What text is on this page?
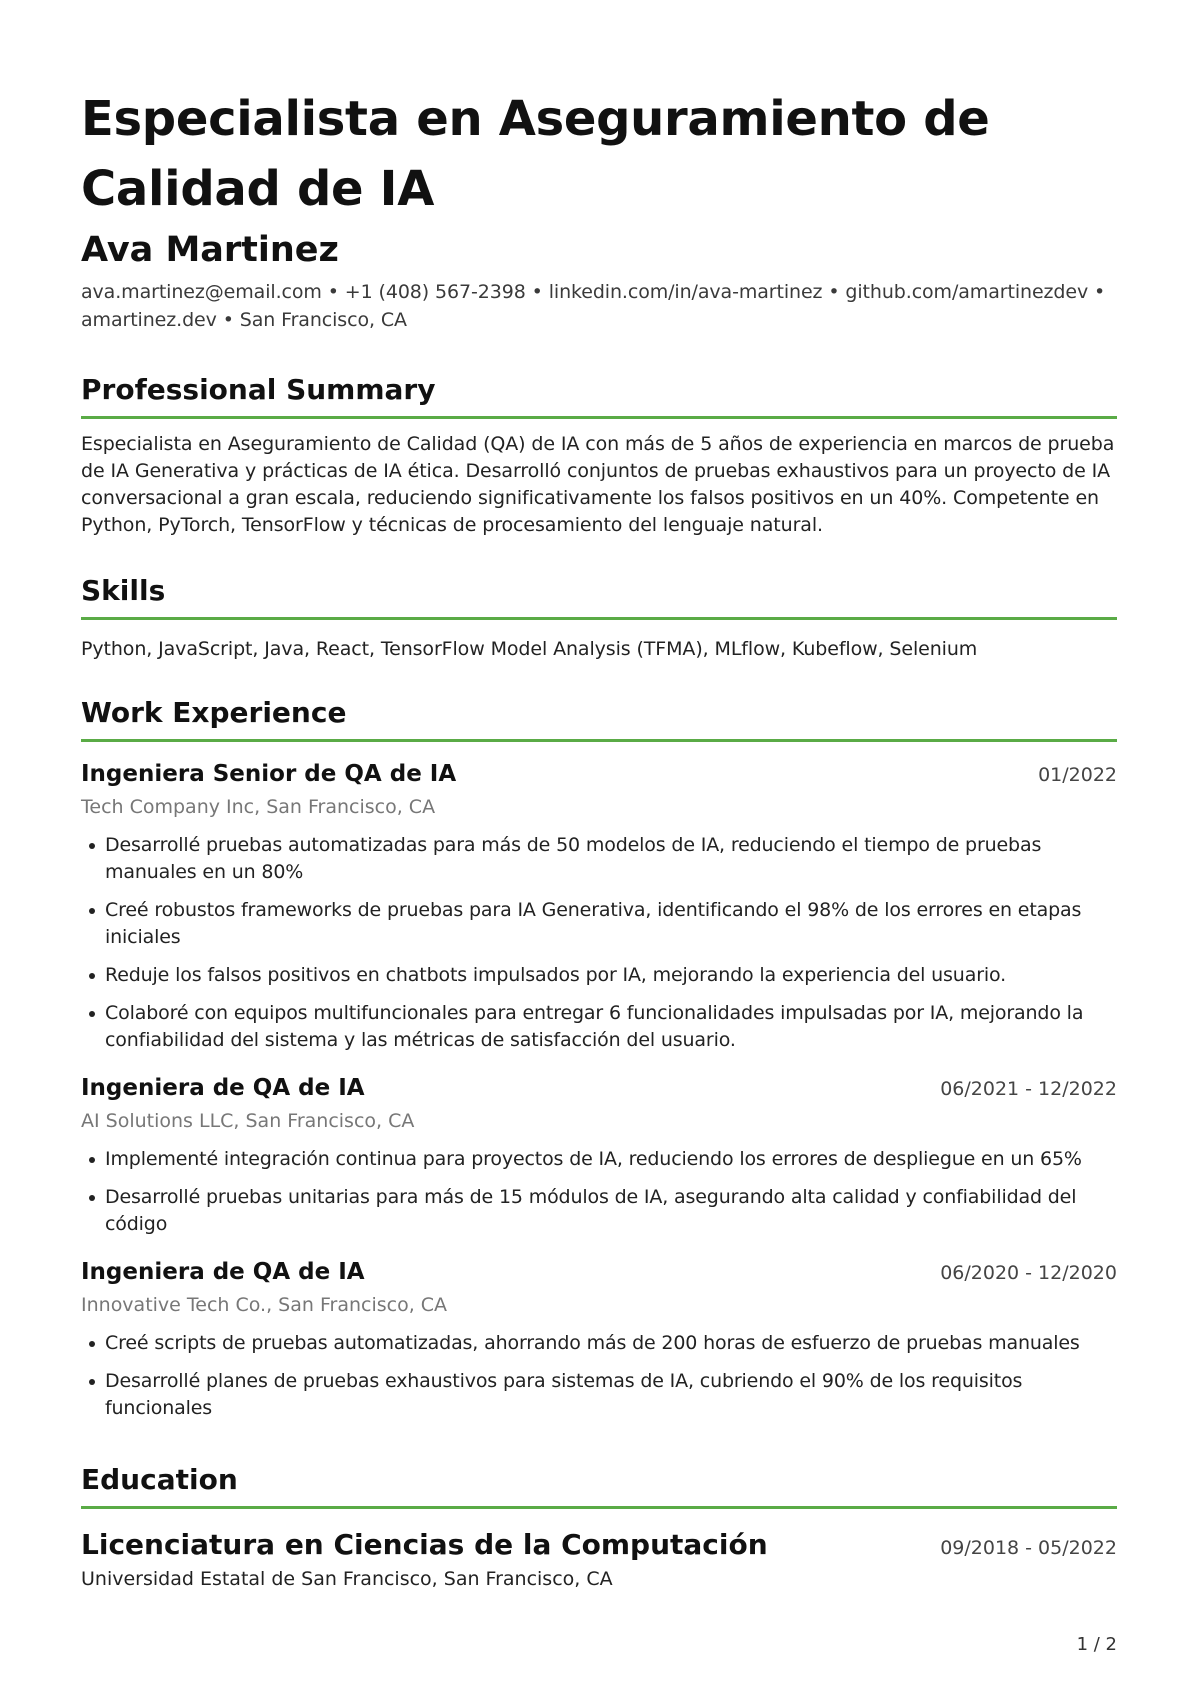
Especialista en Aseguramiento de Calidad de IA
Ava Martinez
ava.martinez@email.com • +1 (408) 567-2398 • linkedin.com/in/ava-martinez • github.com/amartinezdev • amartinez.dev • San Francisco, CA
Professional Summary
Especialista en Aseguramiento de Calidad (QA) de IA con más de 5 años de experiencia en marcos de prueba de IA Generativa y prácticas de IA ética. Desarrolló conjuntos de pruebas exhaustivos para un proyecto de IA conversacional a gran escala, reduciendo significativamente los falsos positivos en un 40%. Competente en Python, PyTorch, TensorFlow y técnicas de procesamiento del lenguaje natural.
Skills
Python, JavaScript, Java, React, TensorFlow Model Analysis (TFMA), MLflow, Kubeflow, Selenium
Work Experience
Ingeniera Senior de QA de IA	01/2022
Tech Company Inc, San Francisco, CA
Desarrollé pruebas automatizadas para más de 50 modelos de IA, reduciendo el tiempo de pruebas manuales en un 80%
Creé robustos frameworks de pruebas para IA Generativa, identificando el 98% de los errores en etapas iniciales
Reduje los falsos positivos en chatbots impulsados por IA, mejorando la experiencia del usuario.
Colaboré con equipos multifuncionales para entregar 6 funcionalidades impulsadas por IA, mejorando la confiabilidad del sistema y las métricas de satisfacción del usuario.
Ingeniera de QA de IA	06/2021 - 12/2022
AI Solutions LLC, San Francisco, CA
Implementé integración continua para proyectos de IA, reduciendo los errores de despliegue en un 65%
Desarrollé pruebas unitarias para más de 15 módulos de IA, asegurando alta calidad y confiabilidad del código
Ingeniera de QA de IA	06/2020 - 12/2020
Innovative Tech Co., San Francisco, CA
Creé scripts de pruebas automatizadas, ahorrando más de 200 horas de esfuerzo de pruebas manuales
Desarrollé planes de pruebas exhaustivos para sistemas de IA, cubriendo el 90% de los requisitos funcionales
Education
Licenciatura en Ciencias de la Computación	09/2018 - 05/2022
Universidad Estatal de San Francisco, San Francisco, CA
1 / 2
